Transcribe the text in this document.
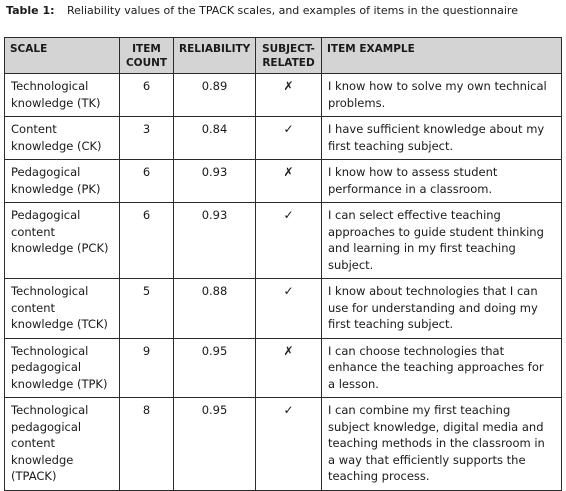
Table 1: Reliability values of the TPACK scales, and examples of items in the questionnaire
SCALE	ITEM COUNT	RELIABILITY	SUBJECT-RELATED	ITEM EXAMPLE
Technological knowledge (TK)	6	0.89	✗	I know how to solve my own technical problems.
Content knowledge (CK)	3	0.84	✓	I have sufficient knowledge about my first teaching subject.
Pedagogical knowledge (PK)	6	0.93	✗	I know how to assess student performance in a classroom.
Pedagogical content knowledge (PCK)	6	0.93	✓	I can select effective teaching approaches to guide student thinking and learning in my first teaching subject.
Technological content knowledge (TCK)	5	0.88	✓	I know about technologies that I can use for understanding and doing my first teaching subject.
Technological pedagogical knowledge (TPK)	9	0.95	✗	I can choose technologies that enhance the teaching approaches for a lesson.
Technological pedagogical content knowledge (TPACK)	8	0.95	✓	I can combine my first teaching subject knowledge, digital media and teaching methods in the classroom in a way that efficiently supports the teaching process.
